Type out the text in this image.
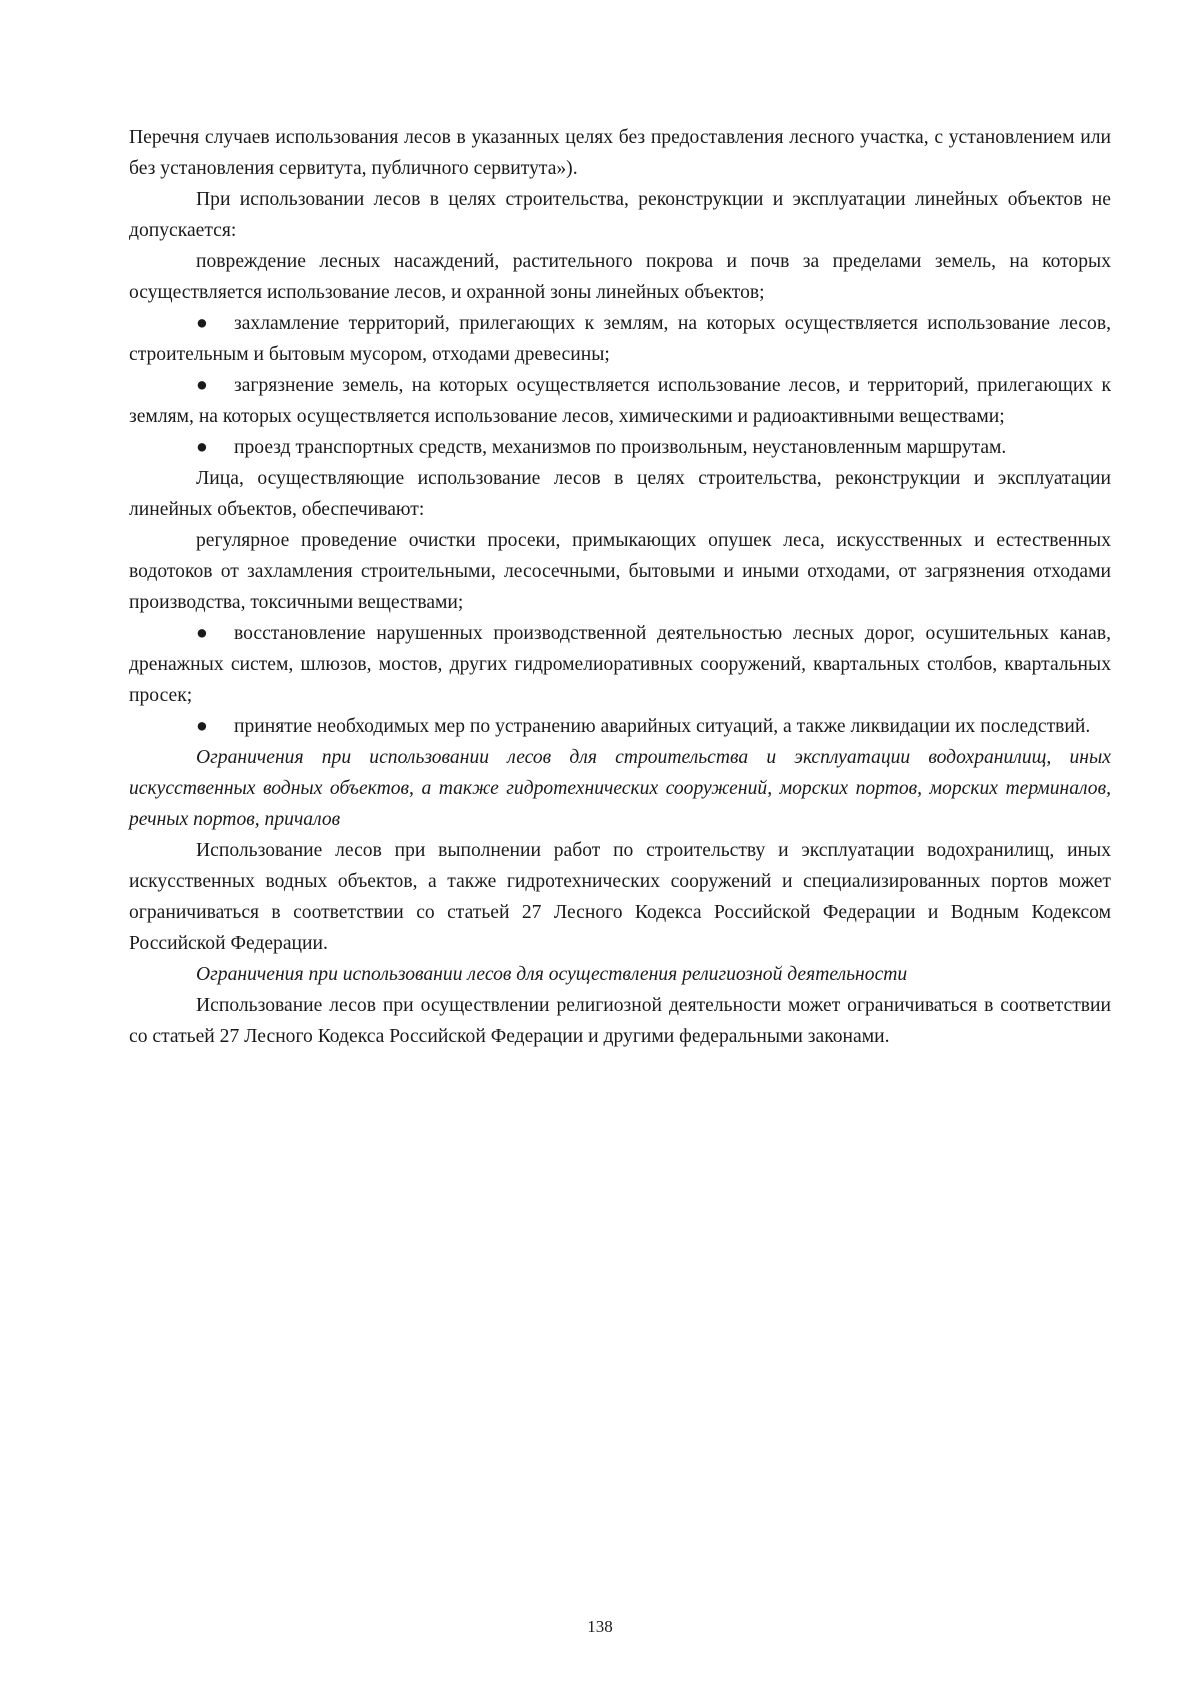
Перечня случаев использования лесов в указанных целях без предоставления лесного участка, с установлением или без установления сервитута, публичного сервитута»).

При использовании лесов в целях строительства, реконструкции и эксплуатации линейных объектов не допускается:

повреждение лесных насаждений, растительного покрова и почв за пределами земель, на которых осуществляется использование лесов, и охранной зоны линейных объектов;

● захламление территорий, прилегающих к землям, на которых осуществляется использование лесов, строительным и бытовым мусором, отходами древесины;

● загрязнение земель, на которых осуществляется использование лесов, и территорий, прилегающих к землям, на которых осуществляется использование лесов, химическими и радиоактивными веществами;

● проезд транспортных средств, механизмов по произвольным, неустановленным маршрутам.

Лица, осуществляющие использование лесов в целях строительства, реконструкции и эксплуатации линейных объектов, обеспечивают:

регулярное проведение очистки просеки, примыкающих опушек леса, искусственных и естественных водотоков от захламления строительными, лесосечными, бытовыми и иными отходами, от загрязнения отходами производства, токсичными веществами;

● восстановление нарушенных производственной деятельностью лесных дорог, осушительных канав, дренажных систем, шлюзов, мостов, других гидромелиоративных сооружений, квартальных столбов, квартальных просек;

● принятие необходимых мер по устранению аварийных ситуаций, а также ликвидации их последствий.

Ограничения при использовании лесов для строительства и эксплуатации водохранилищ, иных искусственных водных объектов, а также гидротехнических сооружений, морских портов, морских терминалов, речных портов, причалов

Использование лесов при выполнении работ по строительству и эксплуатации водохранилищ, иных искусственных водных объектов, а также гидротехнических сооружений и специализированных портов может ограничиваться в соответствии со статьей 27 Лесного Кодекса Российской Федерации и Водным Кодексом Российской Федерации.

Ограничения при использовании лесов для осуществления религиозной деятельности

Использование лесов при осуществлении религиозной деятельности может ограничиваться в соответствии со статьей 27 Лесного Кодекса Российской Федерации и другими федеральными законами.

138
